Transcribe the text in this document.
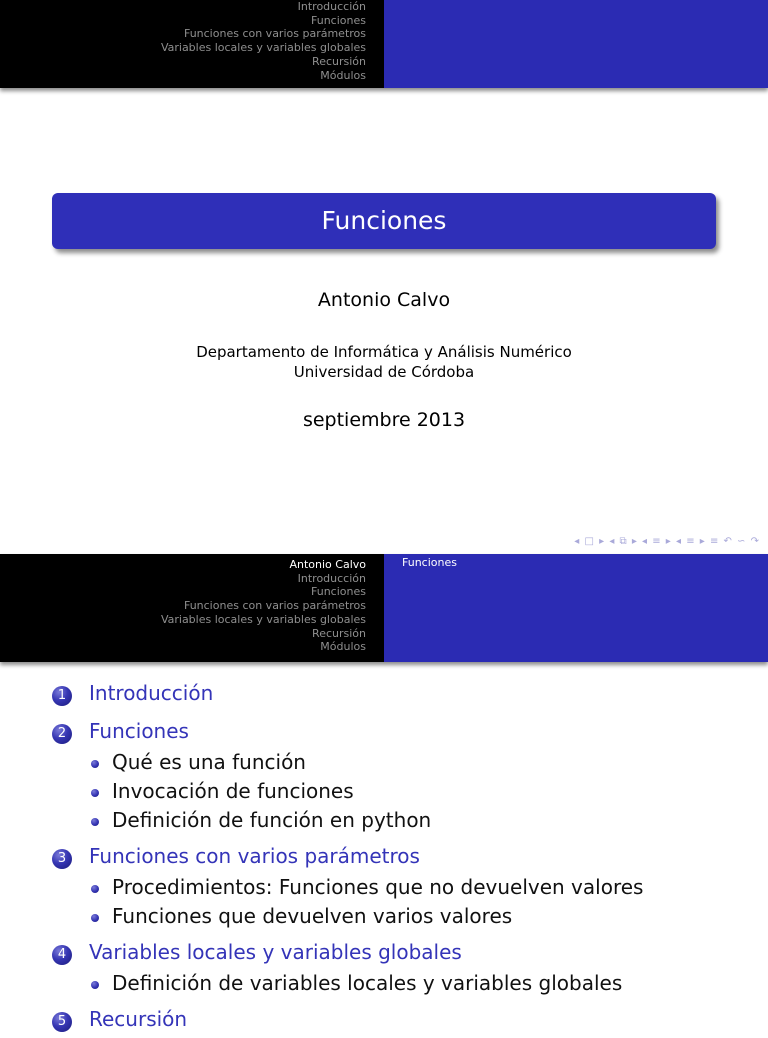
Introducción
Funciones
Funciones con varios parámetros
Variables locales y variables globales
Recursión
Módulos
Funciones
Antonio Calvo
Departamento de Informática y Análisis Numérico
Universidad de Córdoba
septiembre 2013
◂ □ ▸ ◂ ⧉ ▸ ◂ ≡ ▸ ◂ ≡ ▸ ≡ ↶ ∽ ↷
Antonio Calvo
Introducción
Funciones
Funciones con varios parámetros
Variables locales y variables globales
Recursión
Módulos
Funciones
1 Introducción
2 Funciones
Qué es una función
Invocación de funciones
Definición de función en python
3 Funciones con varios parámetros
Procedimientos: Funciones que no devuelven valores
Funciones que devuelven varios valores
4 Variables locales y variables globales
Definición de variables locales y variables globales
5 Recursión
